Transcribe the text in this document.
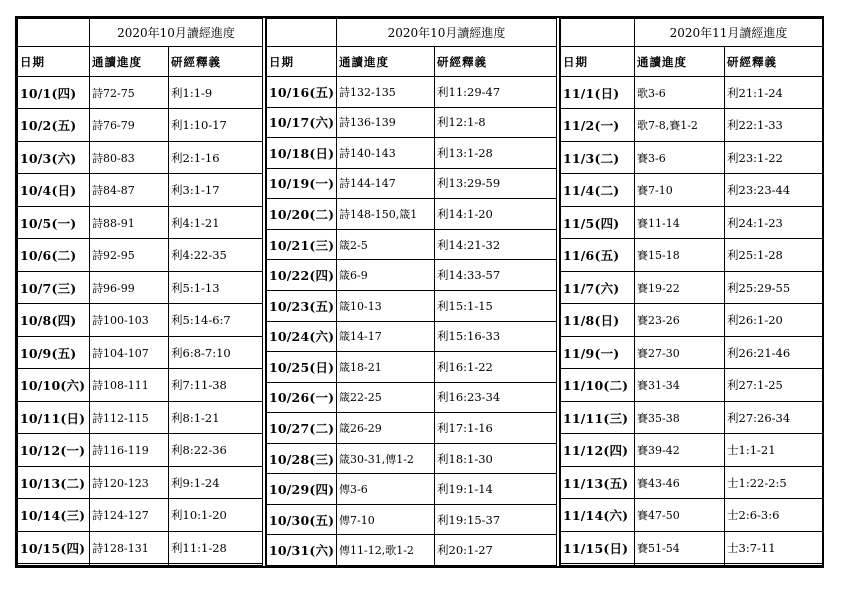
	2020年10月讀經進度	
日期	通讀進度	研經釋義
10/1(四)	詩72-75	利1:1-9
10/2(五)	詩76-79	利1:10-17
10/3(六)	詩80-83	利2:1-16
10/4(日)	詩84-87	利3:1-17
10/5(一)	詩88-91	利4:1-21
10/6(二)	詩92-95	利4:22-35
10/7(三)	詩96-99	利5:1-13
10/8(四)	詩100-103	利5:14-6:7
10/9(五)	詩104-107	利6:8-7:10
10/10(六)	詩108-111	利7:11-38
10/11(日)	詩112-115	利8:1-21
10/12(一)	詩116-119	利8:22-36
10/13(二)	詩120-123	利9:1-24
10/14(三)	詩124-127	利10:1-20
10/15(四)	詩128-131	利11:1-28

	2020年10月讀經進度	
日期	通讀進度	研經釋義
10/16(五)	詩132-135	利11:29-47
10/17(六)	詩136-139	利12:1-8
10/18(日)	詩140-143	利13:1-28
10/19(一)	詩144-147	利13:29-59
10/20(二)	詩148-150,箴1	利14:1-20
10/21(三)	箴2-5	利14:21-32
10/22(四)	箴6-9	利14:33-57
10/23(五)	箴10-13	利15:1-15
10/24(六)	箴14-17	利15:16-33
10/25(日)	箴18-21	利16:1-22
10/26(一)	箴22-25	利16:23-34
10/27(二)	箴26-29	利17:1-16
10/28(三)	箴30-31,傳1-2	利18:1-30
10/29(四)	傳3-6	利19:1-14
10/30(五)	傳7-10	利19:15-37
10/31(六)	傳11-12,歌1-2	利20:1-27
	2020年11月讀經進度	
日期	通讀進度	研經釋義
11/1(日)	歌3-6	利21:1-24
11/2(一)	歌7-8,賽1-2	利22:1-33
11/3(二)	賽3-6	利23:1-22
11/4(二)	賽7-10	利23:23-44
11/5(四)	賽11-14	利24:1-23
11/6(五)	賽15-18	利25:1-28
11/7(六)	賽19-22	利25:29-55
11/8(日)	賽23-26	利26:1-20
11/9(一)	賽27-30	利26:21-46
11/10(二)	賽31-34	利27:1-25
11/11(三)	賽35-38	利27:26-34
11/12(四)	賽39-42	士1:1-21
11/13(五)	賽43-46	士1:22-2:5
11/14(六)	賽47-50	士2:6-3:6
11/15(日)	賽51-54	士3:7-11
